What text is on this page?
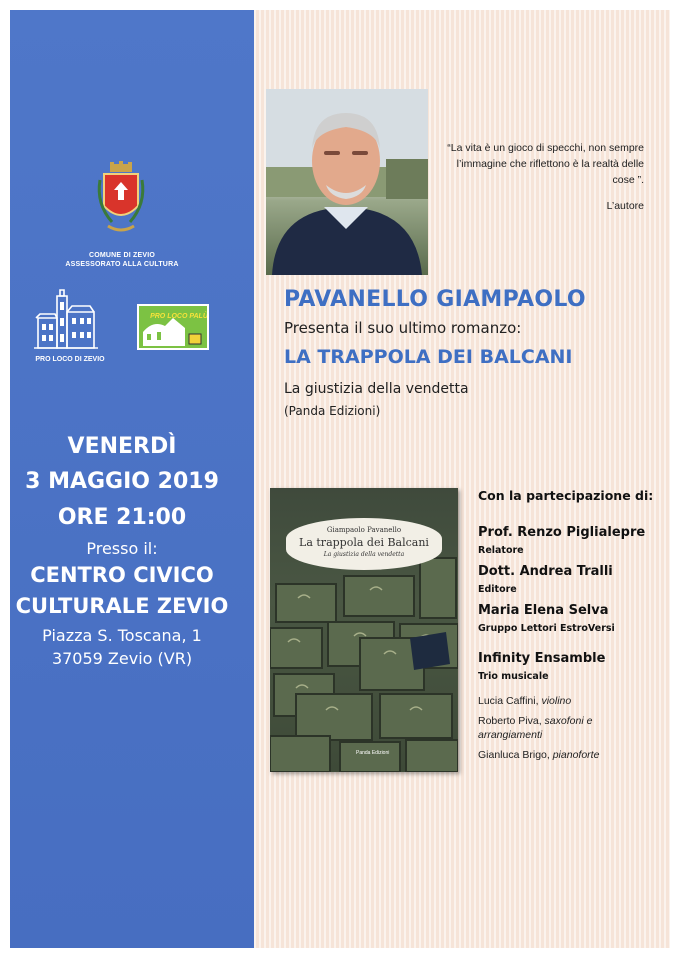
COMUNE DI ZEVIO
ASSESSORATO ALLA CULTURA
PRO LOCO DI ZEVIO
PRO LOCO PALÙ
VENERDÌ
3 MAGGIO 2019
ORE 21:00
Presso il:
CENTRO CIVICO
CULTURALE ZEVIO
Piazza S. Toscana, 1
37059 Zevio (VR)
“La vita è un gioco di specchi, non sempre l’immagine che riflettono è la realtà delle cose ”.
L’autore
PAVANELLO GIAMPAOLO
Presenta il suo ultimo romanzo:
LA TRAPPOLA DEI BALCANI
La giustizia della vendetta
(Panda Edizioni)
Giampaolo Pavanello
La trappola dei Balcani
La giustizia della vendetta
Panda Edizioni
Con la partecipazione di:
Prof. Renzo Piglialepre
Relatore
Dott. Andrea Tralli
Editore
Maria Elena Selva
Gruppo Lettori EstroVersi
Infinity Ensamble
Trio musicale
Lucia Caffini, violino
Roberto Piva, saxofoni e arrangiamenti
Gianluca Brigo, pianoforte
